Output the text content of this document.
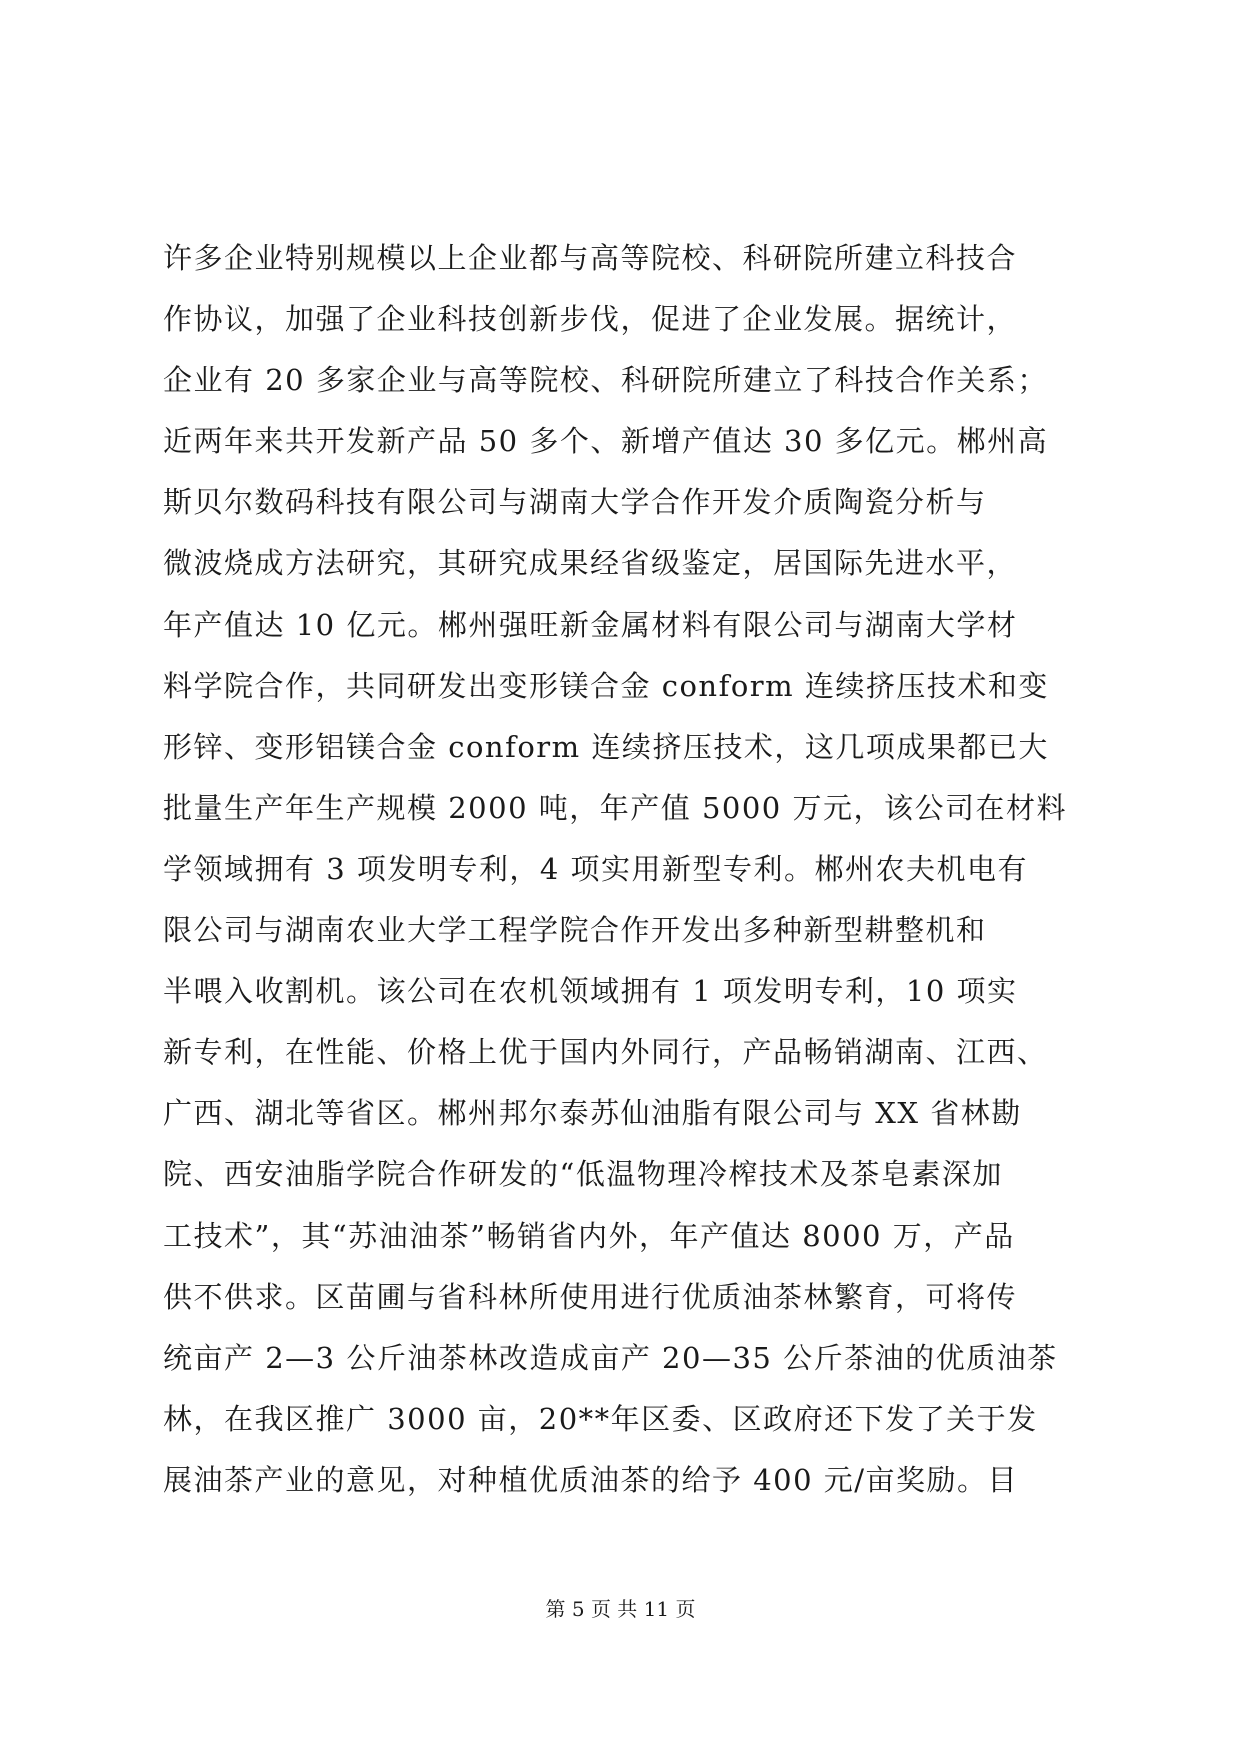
许多企业特别规模以上企业都与高等院校、科研院所建立科技合
作协议，加强了企业科技创新步伐，促进了企业发展。据统计，
企业有 20 多家企业与高等院校、科研院所建立了科技合作关系；
近两年来共开发新产品 50 多个、新增产值达 30 多亿元。郴州高
斯贝尔数码科技有限公司与湖南大学合作开发介质陶瓷分析与
微波烧成方法研究，其研究成果经省级鉴定，居国际先进水平，
年产值达 10 亿元。郴州强旺新金属材料有限公司与湖南大学材
料学院合作，共同研发出变形镁合金 conform 连续挤压技术和变
形锌、变形铝镁合金 conform 连续挤压技术，这几项成果都已大
批量生产年生产规模 2000 吨，年产值 5000 万元，该公司在材料
学领域拥有 3 项发明专利，4 项实用新型专利。郴州农夫机电有
限公司与湖南农业大学工程学院合作开发出多种新型耕整机和
半喂入收割机。该公司在农机领域拥有 1 项发明专利，10 项实
新专利，在性能、价格上优于国内外同行，产品畅销湖南、江西、
广西、湖北等省区。郴州邦尔泰苏仙油脂有限公司与 XX 省林勘
院、西安油脂学院合作研发的“低温物理冷榨技术及茶皂素深加
工技术”，其“苏油油茶”畅销省内外，年产值达 8000 万，产品
供不供求。区苗圃与省科林所使用进行优质油茶林繁育，可将传
统亩产 2—3 公斤油茶林改造成亩产 20—35 公斤茶油的优质油茶
林，在我区推广 3000 亩，20**年区委、区政府还下发了关于发
展油茶产业的意见，对种植优质油茶的给予 400 元/亩奖励。目
第 5 页 共 11 页
